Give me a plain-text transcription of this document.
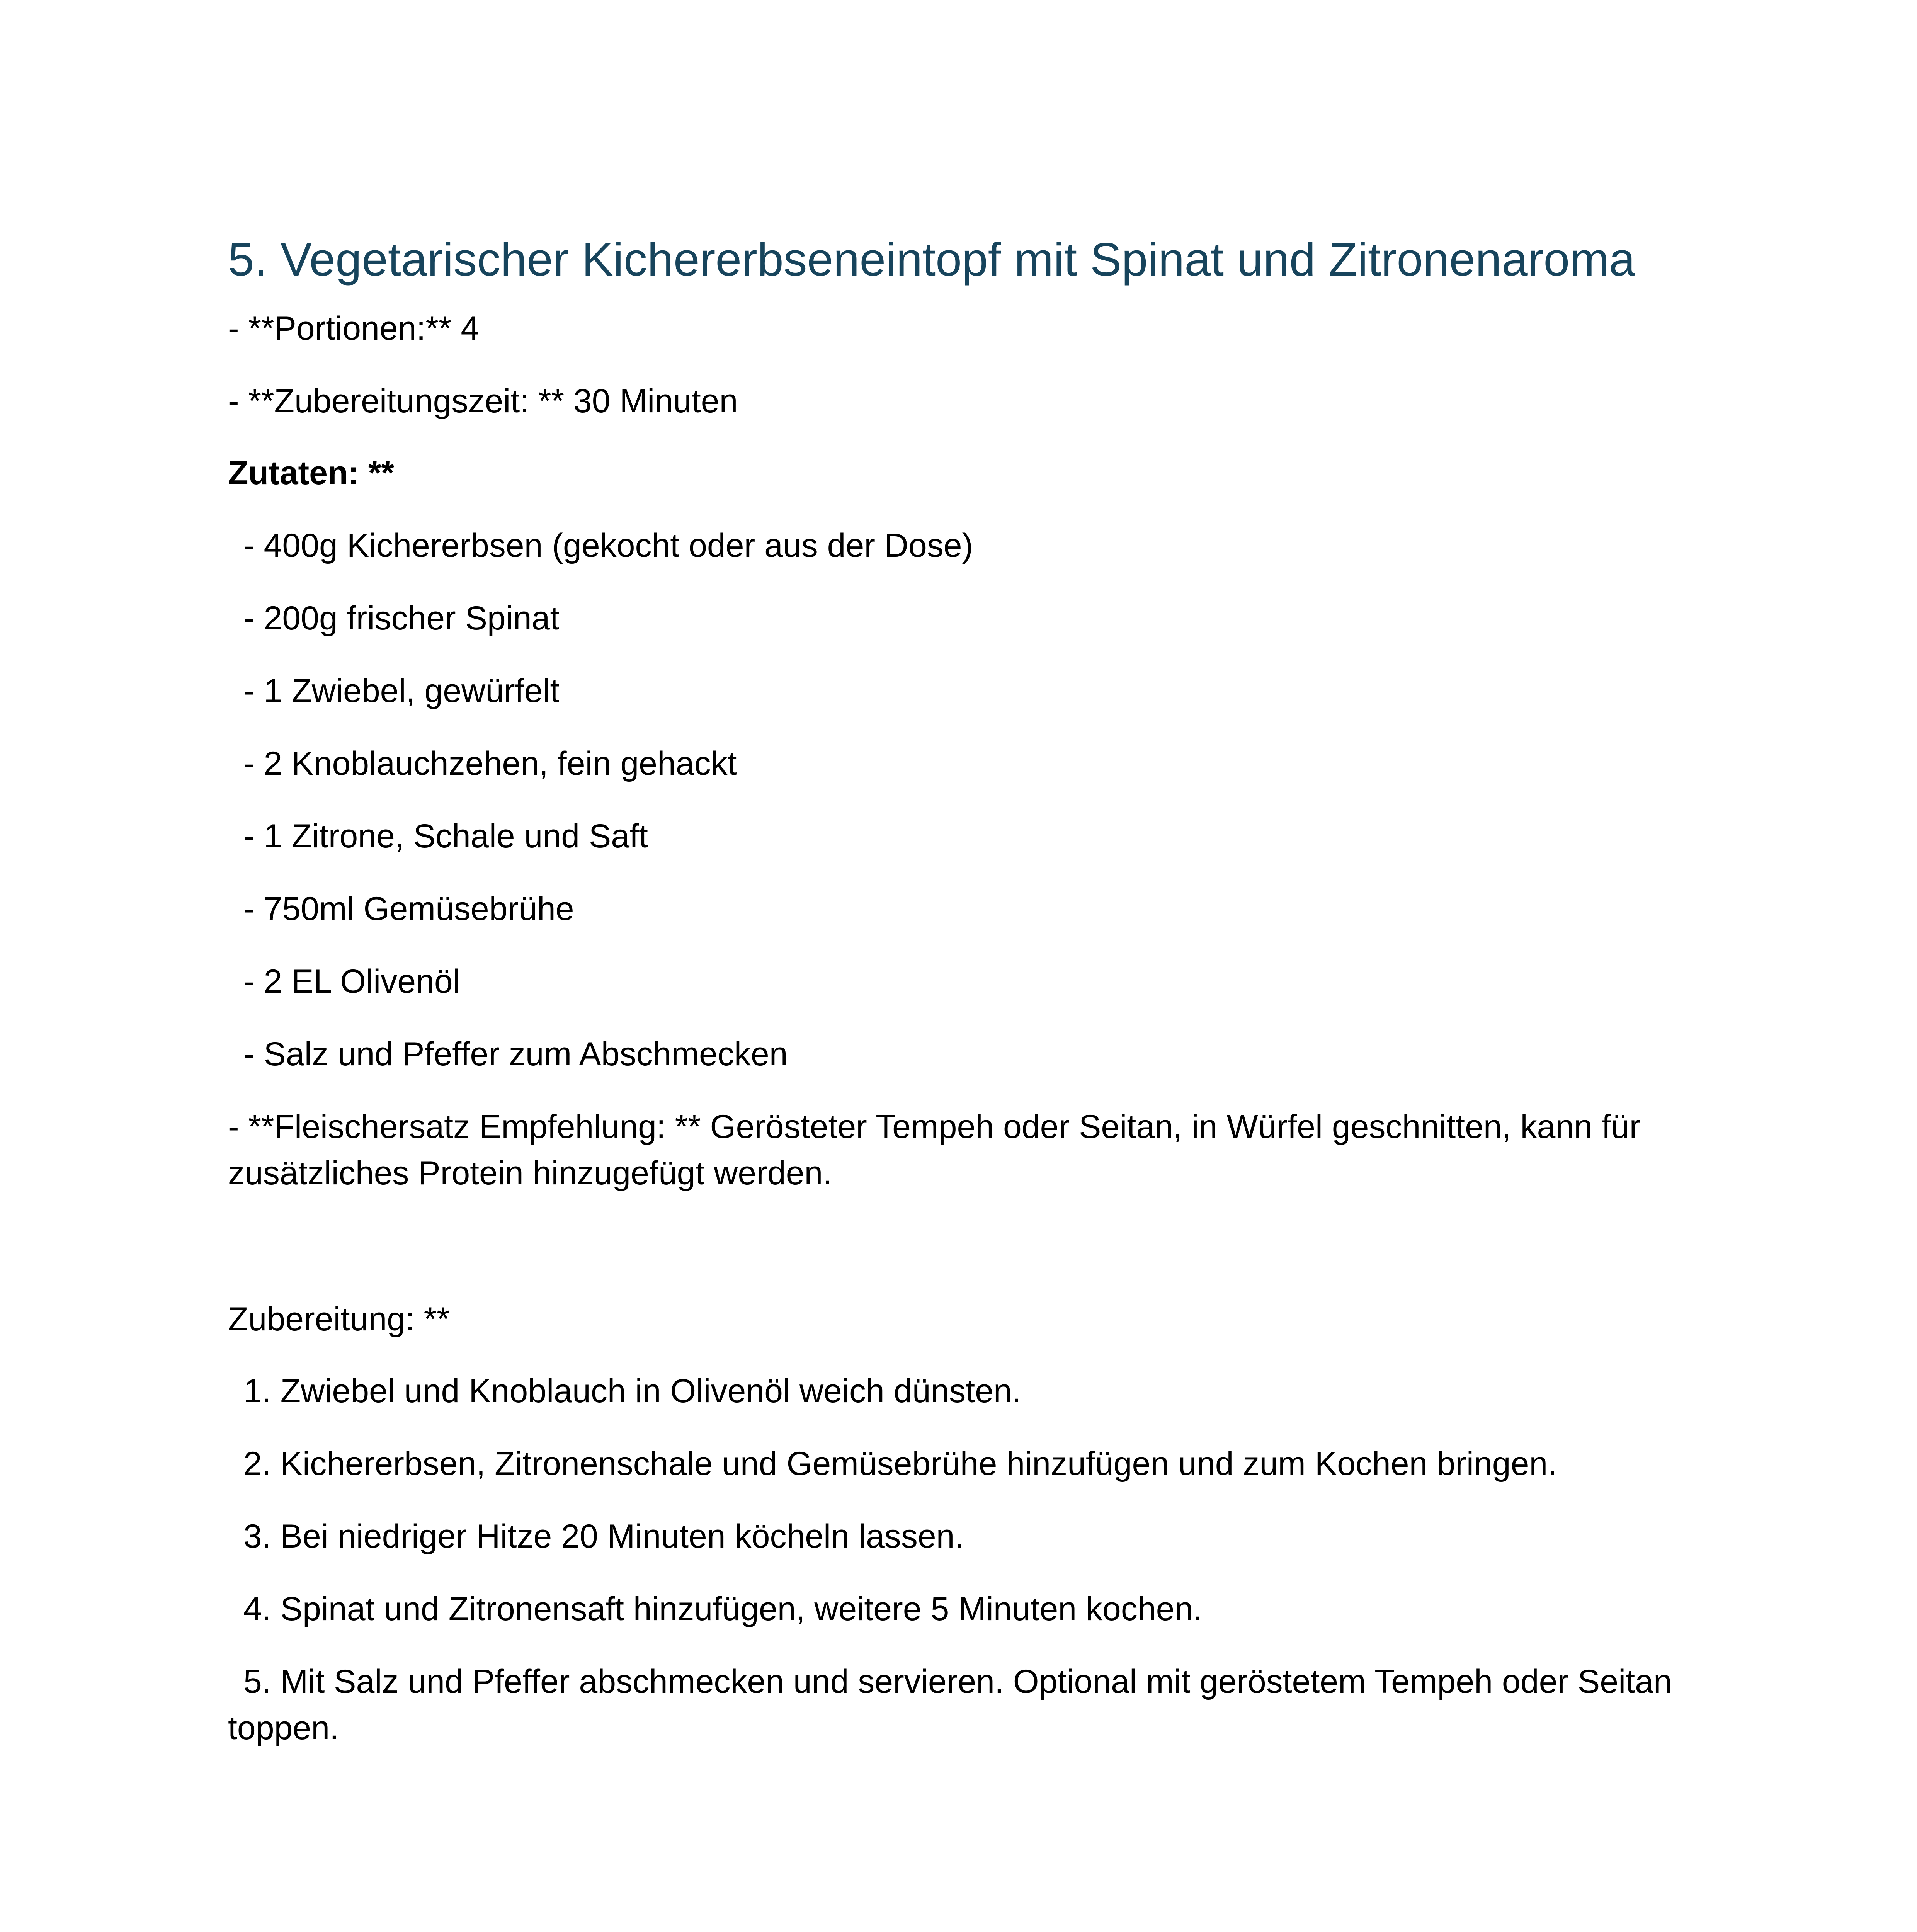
5. Vegetarischer Kichererbseneintopf mit Spinat und Zitronenaroma

- **Portionen:** 4

- **Zubereitungszeit: ** 30 Minuten

Zutaten: **

- 400g Kichererbsen (gekocht oder aus der Dose)

- 200g frischer Spinat

- 1 Zwiebel, gewürfelt

- 2 Knoblauchzehen, fein gehackt

- 1 Zitrone, Schale und Saft

- 750ml Gemüsebrühe

- 2 EL Olivenöl

- Salz und Pfeffer zum Abschmecken

- **Fleischersatz Empfehlung: ** Gerösteter Tempeh oder Seitan, in Würfel geschnitten, kann für zusätzliches Protein hinzugefügt werden.

Zubereitung: **

1. Zwiebel und Knoblauch in Olivenöl weich dünsten.

2. Kichererbsen, Zitronenschale und Gemüsebrühe hinzufügen und zum Kochen bringen.

3. Bei niedriger Hitze 20 Minuten köcheln lassen.

4. Spinat und Zitronensaft hinzufügen, weitere 5 Minuten kochen.

5. Mit Salz und Pfeffer abschmecken und servieren. Optional mit geröstetem Tempeh oder Seitan toppen.
